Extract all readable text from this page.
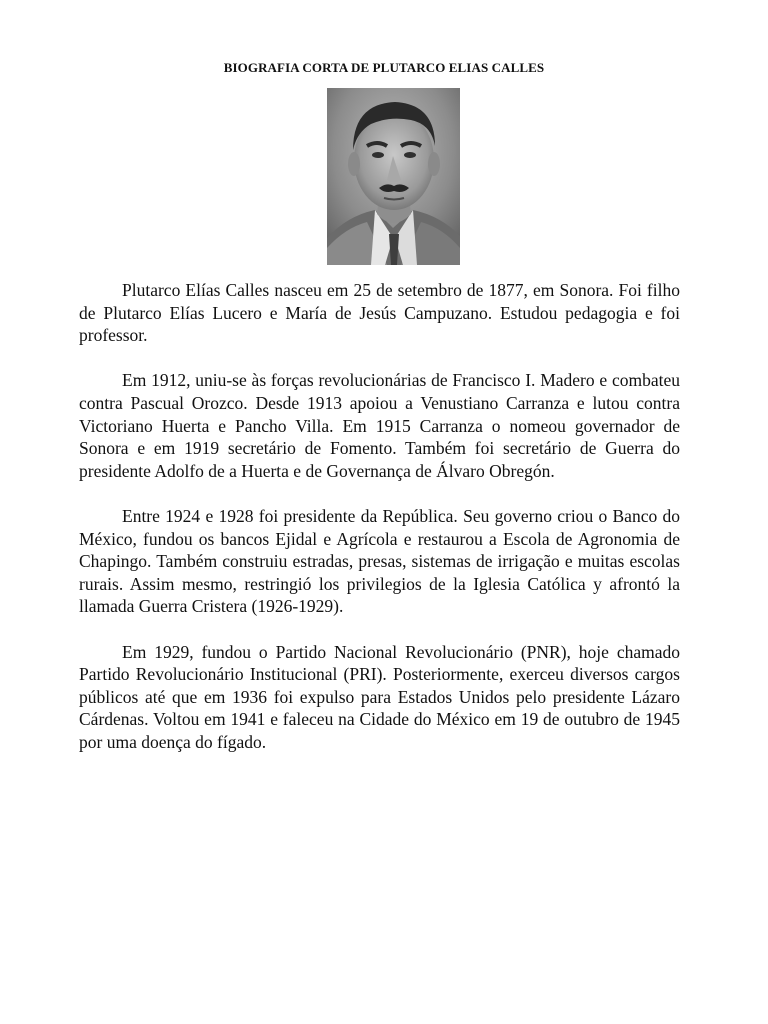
BIOGRAFIA CORTA DE PLUTARCO ELIAS CALLES

Plutarco Elías Calles nasceu em 25 de setembro de 1877, em Sonora. Foi filho de Plutarco Elías Lucero e María de Jesús Campuzano. Estudou pedagogia e foi professor.

Em 1912, uniu-se às forças revolucionárias de Francisco I. Madero e combateu contra Pascual Orozco. Desde 1913 apoiou a Venustiano Carranza e lutou contra Victoriano Huerta e Pancho Villa. Em 1915 Carranza o nomeou governador de Sonora e em 1919 secretário de Fomento. Também foi secretário de Guerra do presidente Adolfo de a Huerta e de Governança de Álvaro Obregón.

Entre 1924 e 1928 foi presidente da República. Seu governo criou o Banco do México, fundou os bancos Ejidal e Agrícola e restaurou a Escola de Agronomia de Chapingo. Também construiu estradas, presas, sistemas de irrigação e muitas escolas rurais. Assim mesmo, restringió los privilegios de la Iglesia Católica y afrontó la llamada Guerra Cristera (1926-1929).

Em 1929, fundou o Partido Nacional Revolucionário (PNR), hoje chamado Partido Revolucionário Institucional (PRI). Posteriormente, exerceu diversos cargos públicos até que em 1936 foi expulso para Estados Unidos pelo presidente Lázaro Cárdenas. Voltou em 1941 e faleceu na Cidade do México em 19 de outubro de 1945 por uma doença do fígado.
